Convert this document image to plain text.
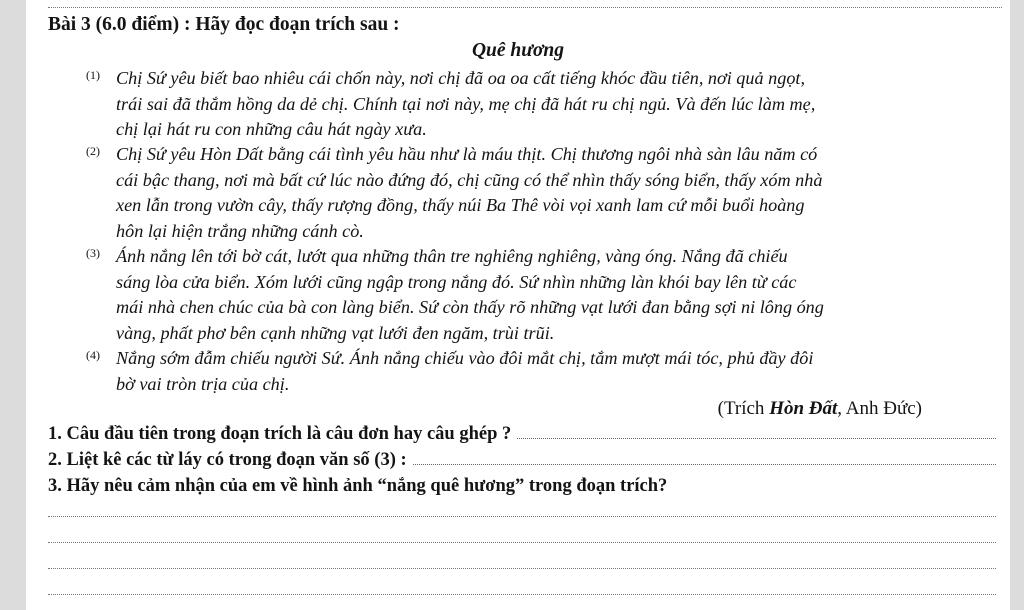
Bài 3 (6.0 điểm) : Hãy đọc đoạn trích sau :
Quê hương
(1) Chị Sứ yêu biết bao nhiêu cái chốn này, nơi chị đã oa oa cất tiếng khóc đầu tiên, nơi quả ngọt,
trái sai đã thắm hồng da dẻ chị. Chính tại nơi này, mẹ chị đã hát ru chị ngủ. Và đến lúc làm mẹ,
chị lại hát ru con những câu hát ngày xưa.
(2) Chị Sứ yêu Hòn Dất bằng cái tình yêu hầu như là máu thịt. Chị thương ngôi nhà sàn lâu năm có
cái bậc thang, nơi mà bất cứ lúc nào đứng đó, chị cũng có thể nhìn thấy sóng biển, thấy xóm nhà
xen lẫn trong vườn cây, thấy rượng đồng, thấy núi Ba Thê vòi vọi xanh lam cứ mỗi buổi hoàng
hôn lại hiện trắng những cánh cò.
(3) Ánh nắng lên tới bờ cát, lướt qua những thân tre nghiêng nghiêng, vàng óng. Nắng đã chiếu
sáng lòa cửa biển. Xóm lưới cũng ngập trong nắng đó. Sứ nhìn những làn khói bay lên từ các
mái nhà chen chúc của bà con làng biển. Sứ còn thấy rõ những vạt lưới đan bằng sợi ni lông óng
vàng, phất phơ bên cạnh những vạt lưới đen ngăm, trùi trũi.
(4) Nắng sớm đẫm chiếu người Sứ. Ánh nắng chiếu vào đôi mắt chị, tắm mượt mái tóc, phủ đầy đôi
bờ vai tròn trịa của chị.
(Trích Hòn Đất, Anh Đức)
1. Câu đầu tiên trong đoạn trích là câu đơn hay câu ghép ?
2. Liệt kê các từ láy có trong đoạn văn số (3) :
3. Hãy nêu cảm nhận của em về hình ảnh “nắng quê hương” trong đoạn trích?
